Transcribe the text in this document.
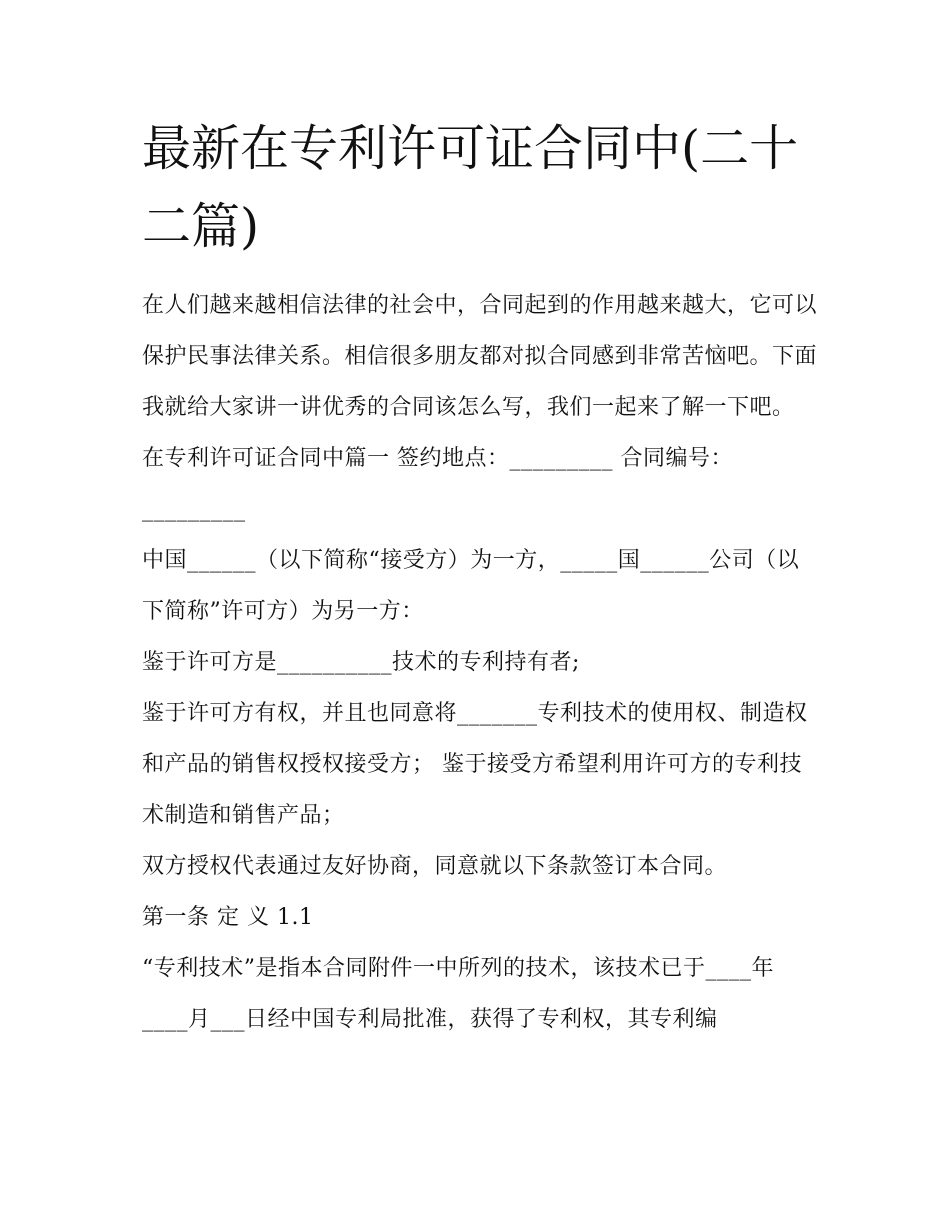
最新在专利许可证合同中(二十二篇)

在人们越来越相信法律的社会中，合同起到的作用越来越大，它可以保护民事法律关系。相信很多朋友都对拟合同感到非常苦恼吧。下面我就给大家讲一讲优秀的合同该怎么写，我们一起来了解一下吧。

在专利许可证合同中篇一 签约地点：_________ 合同编号：_________

中国______（以下简称“接受方）为一方，_____国______公司（以下简称”许可方）为另一方：

鉴于许可方是__________技术的专利持有者;

鉴于许可方有权，并且也同意将_______专利技术的使用权、制造权和产品的销售权授权接受方； 鉴于接受方希望利用许可方的专利技术制造和销售产品；

双方授权代表通过友好协商，同意就以下条款签订本合同。

第一条 定 义 1.1

“专利技术”是指本合同附件一中所列的技术，该技术已于____年____月___日经中国专利局批准，获得了专利权，其专利编
